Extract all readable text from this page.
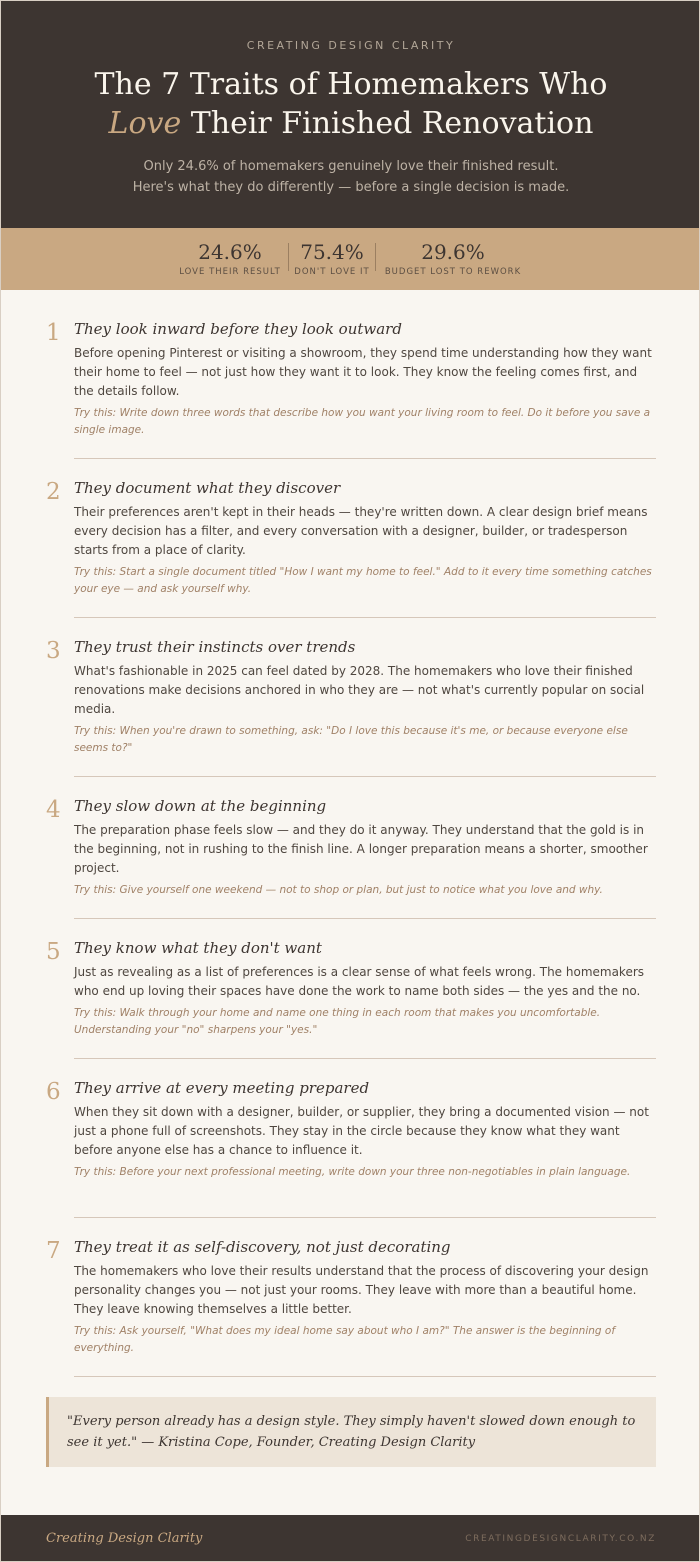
CREATING DESIGN CLARITY
The 7 Traits of Homemakers Who
Love Their Finished Renovation
Only 24.6% of homemakers genuinely love their finished result.
Here's what they do differently — before a single decision is made.
24.6%
LOVE THEIR RESULT
75.4%
DON'T LOVE IT
29.6%
BUDGET LOST TO REWORK
1 They look inward before they look outward
Before opening Pinterest or visiting a showroom, they spend time understanding how they want their home to feel — not just how they want it to look. They know the feeling comes first, and the details follow.
Try this: Write down three words that describe how you want your living room to feel. Do it before you save a single image.
2 They document what they discover
Their preferences aren't kept in their heads — they're written down. A clear design brief means every decision has a filter, and every conversation with a designer, builder, or tradesperson starts from a place of clarity.
Try this: Start a single document titled "How I want my home to feel." Add to it every time something catches your eye — and ask yourself why.
3 They trust their instincts over trends
What's fashionable in 2025 can feel dated by 2028. The homemakers who love their finished renovations make decisions anchored in who they are — not what's currently popular on social media.
Try this: When you're drawn to something, ask: "Do I love this because it's me, or because everyone else seems to?"
4 They slow down at the beginning
The preparation phase feels slow — and they do it anyway. They understand that the gold is in the beginning, not in rushing to the finish line. A longer preparation means a shorter, smoother project.
Try this: Give yourself one weekend — not to shop or plan, but just to notice what you love and why.
5 They know what they don't want
Just as revealing as a list of preferences is a clear sense of what feels wrong. The homemakers who end up loving their spaces have done the work to name both sides — the yes and the no.
Try this: Walk through your home and name one thing in each room that makes you uncomfortable. Understanding your "no" sharpens your "yes."
6 They arrive at every meeting prepared
When they sit down with a designer, builder, or supplier, they bring a documented vision — not just a phone full of screenshots. They stay in the circle because they know what they want before anyone else has a chance to influence it.
Try this: Before your next professional meeting, write down your three non-negotiables in plain language.
7 They treat it as self-discovery, not just decorating
The homemakers who love their results understand that the process of discovering your design personality changes you — not just your rooms. They leave with more than a beautiful home. They leave knowing themselves a little better.
Try this: Ask yourself, "What does my ideal home say about who I am?" The answer is the beginning of everything.
"Every person already has a design style. They simply haven't slowed down enough to see it yet." — Kristina Cope, Founder, Creating Design Clarity
Creating Design Clarity	CREATINGDESIGNCLARITY.CO.NZ
